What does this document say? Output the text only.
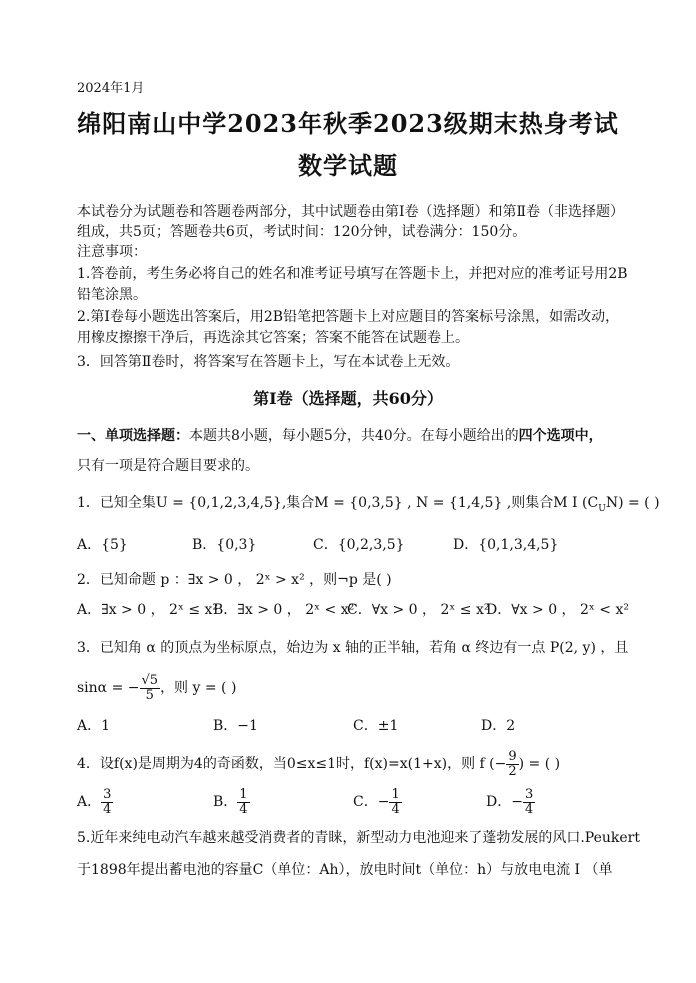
2024年1月
绵阳南山中学2023年秋季2023级期末热身考试
数学试题
本试卷分为试题卷和答题卷两部分，其中试题卷由第Ⅰ卷（选择题）和第Ⅱ卷（非选择题）
组成，共5页；答题卷共6页，考试时间：120分钟，试卷满分：150分。
注意事项：
1.答卷前，考生务必将自己的姓名和准考证号填写在答题卡上，并把对应的准考证号用2B
铅笔涂黑。
2.第Ⅰ卷每小题选出答案后，用2B铅笔把答题卡上对应题目的答案标号涂黑，如需改动，
用橡皮擦擦干净后，再选涂其它答案；答案不能答在试题卷上。
3．回答第Ⅱ卷时，将答案写在答题卡上，写在本试卷上无效。
第Ⅰ卷（选择题，共60分）
一、单项选择题：本题共8小题，每小题5分，共40分。在每小题给出的四个选项中，
只有一项是符合题目要求的。
1．已知全集U = {0,1,2,3,4,5},集合M = {0,3,5} , N = {1,4,5} ,则集合M I $(C_UN)$ = ( )
A．{5}	B．{0,3}	C．{0,2,3,5}	D．{0,1,3,4,5}
2．已知命题 p ：∃x > 0 ， 2ˣ > x² ，则¬p 是( )
A．∃x > 0 ， 2ˣ ≤ x²
B．∃x > 0 ， 2ˣ < x²
C．∀x > 0 ， 2ˣ ≤ x²
D．∀x > 0 ， 2ˣ < x²
3．已知角 α 的顶点为坐标原点，始边为 x 轴的正半轴，若角 α 终边有一点 P(2, y) ，且
sinα = − $\frac{√5}{5}$ ，则 y = ( )
A．1	B．−1	C．±1	D．2
4．设f(x)是周期为4的奇函数，当0≤x≤1时，f(x)=x(1+x)，则 f (− $\frac{9}{2}$ ) = ( )
A． $\frac{3}{4}$	B． $\frac{1}{4}$	C．− $\frac{1}{4}$	D．− $\frac{3}{4}$
5.近年来纯电动汽车越来越受消费者的青睐，新型动力电池迎来了蓬勃发展的风口.Peukert
于1898年提出蓄电池的容量C（单位：Ah），放电时间t（单位：h）与放电电流 I （单
